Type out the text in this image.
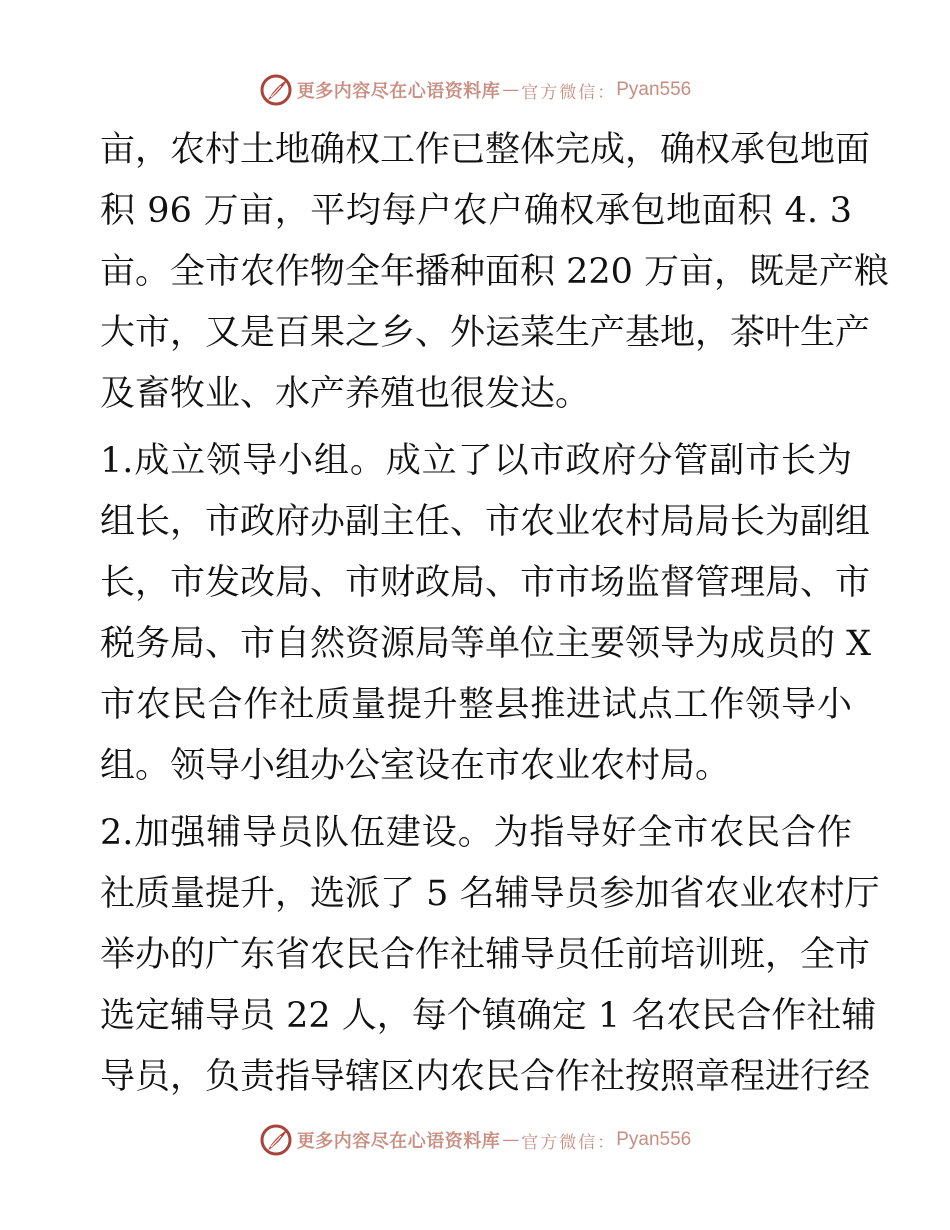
更多内容尽在心语资料库 — 官方微信： Pyan556
亩，农村土地确权工作已整体完成，确权承包地面
积 96 万亩，平均每户农户确权承包地面积 4. 3
亩。全市农作物全年播种面积 220 万亩，既是产粮
大市，又是百果之乡、外运菜生产基地，茶叶生产
及畜牧业、水产养殖也很发达。
1.成立领导小组。成立了以市政府分管副市长为
组长，市政府办副主任、市农业农村局局长为副组
长，市发改局、市财政局、市市场监督管理局、市
税务局、市自然资源局等单位主要领导为成员的 X
市农民合作社质量提升整县推进试点工作领导小
组。领导小组办公室设在市农业农村局。
2.加强辅导员队伍建设。为指导好全市农民合作
社质量提升，选派了 5 名辅导员参加省农业农村厅
举办的广东省农民合作社辅导员任前培训班，全市
选定辅导员 22 人，每个镇确定 1 名农民合作社辅
导员，负责指导辖区内农民合作社按照章程进行经
更多内容尽在心语资料库 — 官方微信： Pyan556
